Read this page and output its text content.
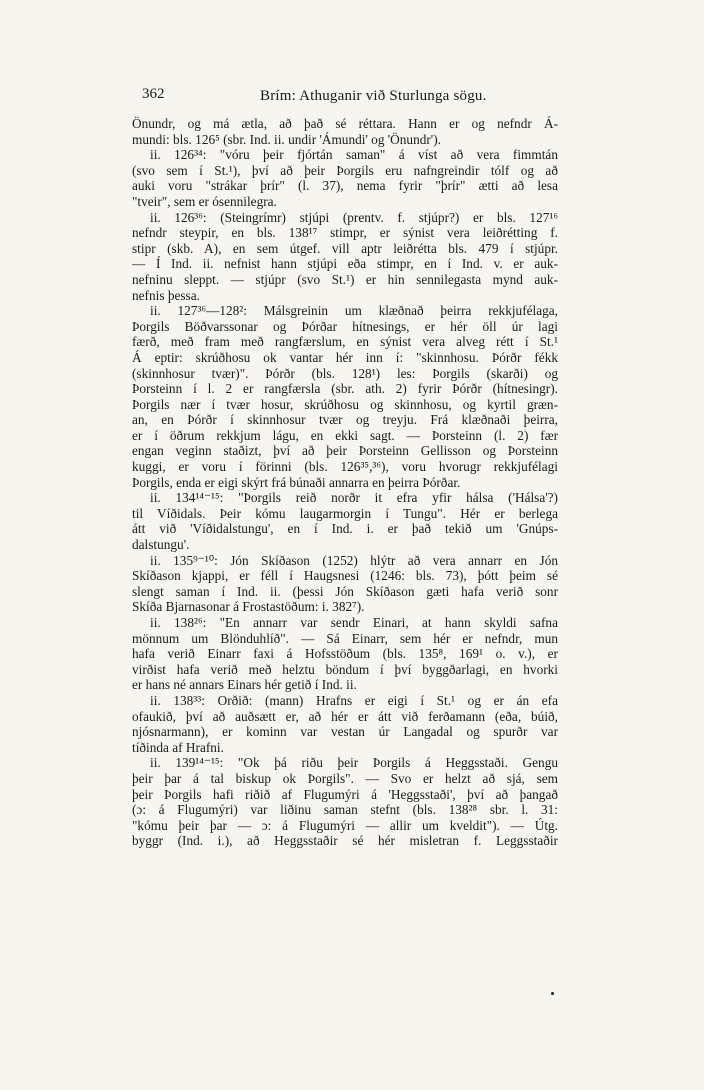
362	Brím: Athuganir við Sturlunga sögu.
Önundr, og má ætla, að það sé réttara. Hann er og nefndr Á-
mundi: bls. 126⁵ (sbr. Ind. ii. undir 'Ámundi' og 'Önundr').
ii. 126³⁴: "vóru þeir fjórtán saman" á víst að vera fimmtán
(svo sem í St.¹), því að þeir Þorgils eru nafngreindir tólf og að
auki voru "strákar þrír" (l. 37), nema fyrir "þrír" ætti að lesa
"tveir", sem er ósennilegra.
ii. 126³⁶: (Steingrímr) stjúpi (prentv. f. stjúpr?) er bls. 127¹⁶
nefndr steypir, en bls. 138¹⁷ stimpr, er sýnist vera leiðrétting f.
stipr (skb. A), en sem útgef. vill aptr leiðrétta bls. 479 í stjúpr.
— Í Ind. ii. nefnist hann stjúpi eða stimpr, en í Ind. v. er auk-
nefninu sleppt. — stjúpr (svo St.¹) er hin sennilegasta mynd auk-
nefnis þessa.
ii. 127³⁶—128²: Málsgreinin um klæðnað þeirra rekkjufélaga,
Þorgils Böðvarssonar og Þórðar hítnesings, er hér öll úr lagi
færð, með fram með rangfærslum, en sýnist vera alveg rétt í St.¹
Á eptir: skrúðhosu ok vantar hér inn í: "skinnhosu. Þórðr fékk
(skinnhosur tvær)". Þórðr (bls. 128¹) les: Þorgils (skarði) og
Þorsteinn í l. 2 er rangfærsla (sbr. ath. 2) fyrir Þórðr (hítnesingr).
Þorgils nær í tvær hosur, skrúðhosu og skinnhosu, og kyrtil græn-
an, en Þórðr í skinnhosur tvær og treyju. Frá klæðnaði þeirra,
er í öðrum rekkjum lágu, en ekki sagt. — Þorsteinn (l. 2) fær
engan veginn staðizt, því að þeir Þorsteinn Gellisson og Þorsteinn
kuggi, er voru í förinni (bls. 126³⁵,³⁶), voru hvorugr rekkjufélagi
Þorgils, enda er eigi skýrt frá búnaði annarra en þeirra Þórðar.
ii. 134¹⁴⁻¹⁵: "Þorgils reið norðr it efra yfir hálsa ('Hálsa'?)
til Víðidals. Þeir kómu laugarmorgin í Tungu". Hér er berlega
átt við 'Víðidalstungu', en í Ind. i. er það tekið um 'Gnúps-
dalstungu'.
ii. 135⁹⁻¹⁰: Jón Skíðason (1252) hlýtr að vera annarr en Jón
Skíðason kjappi, er féll í Haugsnesi (1246: bls. 73), þótt þeim sé
slengt saman í Ind. ii. (þessi Jón Skíðason gæti hafa verið sonr
Skíða Bjarnasonar á Frostastöðum: i. 382⁷).
ii. 138²⁶: "En annarr var sendr Einari, at hann skyldi safna
mönnum um Blönduhlíð". — Sá Einarr, sem hér er nefndr, mun
hafa verið Einarr faxi á Hofsstöðum (bls. 135⁸, 169¹ o. v.), er
virðist hafa verið með helztu böndum í því byggðarlagi, en hvorki
er hans né annars Einars hér getið í Ind. ii.
ii. 138³³: Orðið: (mann) Hrafns er eigi í St.¹ og er án efa
ofaukið, því að auðsætt er, að hér er átt við ferðamann (eða, búið,
njósnarmann), er kominn var vestan úr Langadal og spurðr var
tíðinda af Hrafni.
ii. 139¹⁴⁻¹⁵: "Ok þá riðu þeir Þorgils á Heggsstaði. Gengu
þeir þar á tal biskup ok Þorgils". — Svo er helzt að sjá, sem
þeir Þorgils hafi riðið af Flugumýri á 'Heggsstaði', því að þangað
(ɔ: á Flugumýri) var liðinu saman stefnt (bls. 138²⁸ sbr. l. 31:
"kómu þeir þar — ɔ: á Flugumýri — allir um kveldit"). — Útg.
byggr (Ind. i.), að Heggsstaðir sé hér misletran f. Leggsstaðir
